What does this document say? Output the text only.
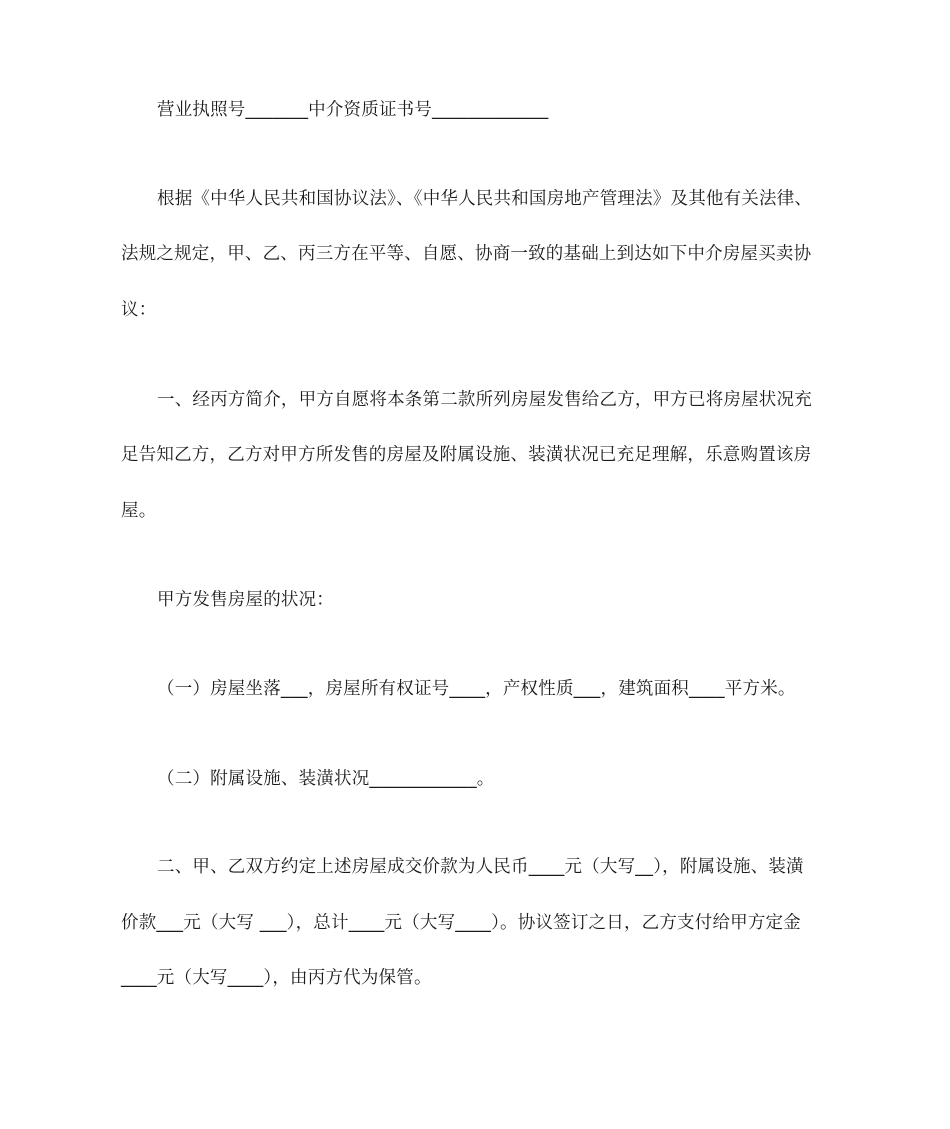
营业执照号_______中介资质证书号_____________
根据《中华人民共和国协议法》、《中华人民共和国房地产管理法》及其他有关法律、
法规之规定，甲、乙、丙三方在平等、自愿、协商一致的基础上到达如下中介房屋买卖协
议：
一、经丙方简介，甲方自愿将本条第二款所列房屋发售给乙方，甲方已将房屋状况充
足告知乙方，乙方对甲方所发售的房屋及附属设施、装潢状况已充足理解，乐意购置该房
屋。
甲方发售房屋的状况：
（一）房屋坐落___，房屋所有权证号____，产权性质___，建筑面积____平方米。
（二）附属设施、装潢状况____________。
二、甲、乙双方约定上述房屋成交价款为人民币____元（大写__），附属设施、装潢
价款___元（大写 ___），总计____元（大写____）。协议签订之日，乙方支付给甲方定金
____元（大写____），由丙方代为保管。
